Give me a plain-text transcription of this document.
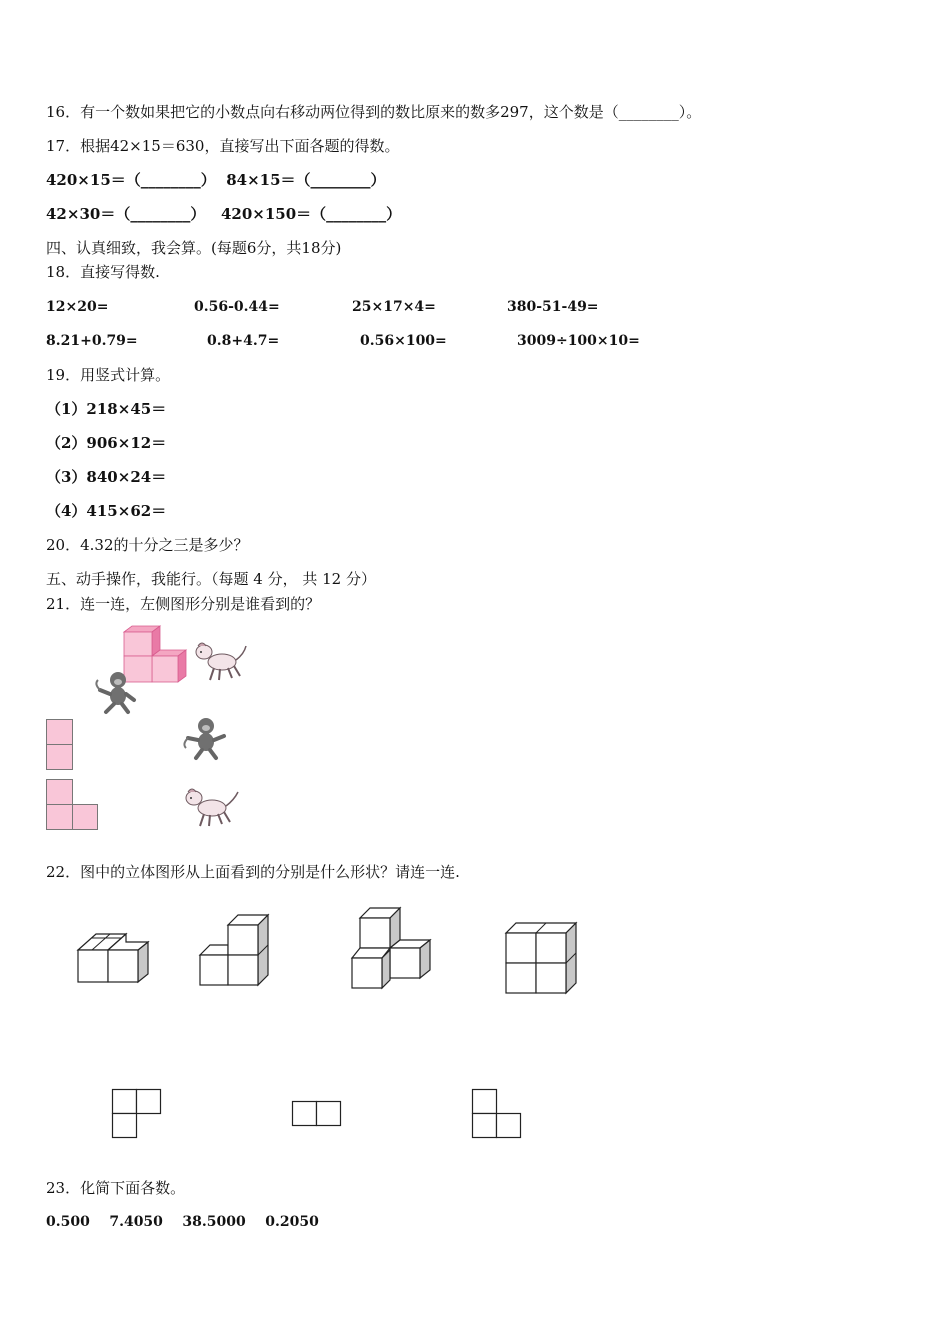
16．有一个数如果把它的小数点向右移动两位得到的数比原来的数多297，这个数是（________）。
17．根据42×15＝630，直接写出下面各题的得数。
420×15＝（________）  84×15＝（________）
42×30＝（________）   420×150＝（________）
四、认真细致，我会算。(每题6分，共18分)
18．直接写得数.
12×20=	0.56-0.44=	25×17×4=	380-51-49=
8.21+0.79=	0.8+4.7=	0.56×100=	3009÷100×10=
19．用竖式计算。
（1）218×45＝
（2）906×12＝
（3）840×24＝
（4）415×62＝
20．4.32的十分之三是多少？
五、动手操作，我能行。（每题 4 分， 共 12 分）
21．连一连，左侧图形分别是谁看到的？
22．图中的立体图形从上面看到的分别是什么形状？请连一连.
23．化简下面各数。
0.500    7.4050    38.5000    0.2050
